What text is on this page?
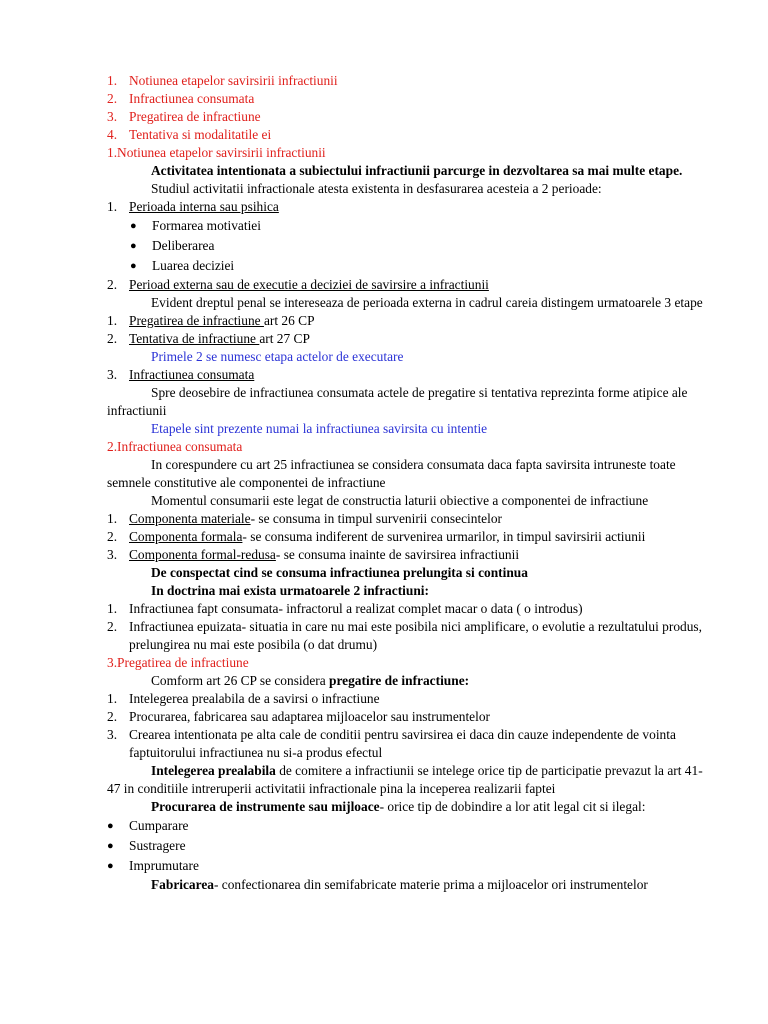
1. Notiunea etapelor savirsirii infractiunii
2. Infractiunea consumata
3. Pregatirea de infractiune
4. Tentativa si modalitatile ei
1.Notiunea etapelor savirsirii infractiunii
Activitatea intentionata a subiectului infractiunii parcurge in dezvoltarea sa mai multe etape.
Studiul activitatii infractionale atesta existenta in desfasurarea acesteia a 2 perioade:
1. Perioada interna sau psihica
● Formarea motivatiei
● Deliberarea
● Luarea deciziei
2. Perioad externa sau de executie a deciziei de savirsire a infractiunii
Evident dreptul penal se intereseaza de perioada externa in cadrul careia distingem urmatoarele 3 etape
1. Pregatirea de infractiune art 26 CP
2. Tentativa de infractiune art 27 CP
Primele 2 se numesc etapa actelor de executare
3. Infractiunea consumata
Spre deosebire de infractiunea consumata actele de pregatire si tentativa reprezinta forme atipice ale infractiunii
Etapele sint prezente numai la infractiunea savirsita cu intentie
2.Infractiunea consumata
In corespundere cu art 25 infractiunea se considera consumata daca fapta savirsita intruneste toate semnele constitutive ale componentei de infractiune
Momentul consumarii este legat de constructia laturii obiective a componentei de infractiune
1. Componenta materiale- se consuma in timpul survenirii consecintelor
2. Componenta formala- se consuma indiferent de survenirea urmarilor, in timpul savirsirii actiunii
3. Componenta formal-redusa- se consuma inainte de savirsirea infractiunii
De conspectat cind se consuma infractiunea prelungita si continua
In doctrina mai exista urmatoarele 2 infractiuni:
1. Infractiunea fapt consumata- infractorul a realizat complet macar o data ( o introdus)
2. Infractiunea epuizata- situatia in care nu mai este posibila nici amplificare, o evolutie a rezultatului produs, prelungirea nu mai este posibila (o dat drumu)
3.Pregatirea de infractiune
Comform art 26 CP se considera pregatire de infractiune:
1. Intelegerea prealabila de a savirsi o infractiune
2. Procurarea, fabricarea sau adaptarea mijloacelor sau instrumentelor
3. Crearea intentionata pe alta cale de conditii pentru savirsirea ei daca din cauze independente de vointa faptuitorului infractiunea nu si-a produs efectul
Intelegerea prealabila de comitere a infractiunii se intelege orice tip de participatie prevazut la art 41-47 in conditiile intreruperii activitatii infractionale pina la inceperea realizarii faptei
Procurarea de instrumente sau mijloace- orice tip de dobindire a lor atit legal cit si ilegal:
● Cumparare
● Sustragere
● Imprumutare
Fabricarea- confectionarea din semifabricate materie prima a mijloacelor ori instrumentelor
